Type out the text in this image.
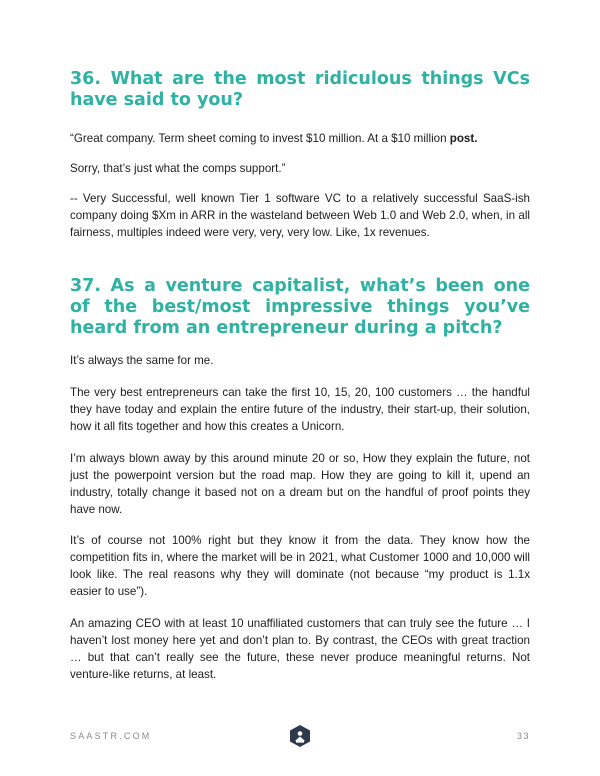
36. What are the most ridiculous things VCs have said to you?

“Great company. Term sheet coming to invest $10 million. At a $10 million post.

Sorry, that’s just what the comps support.”

-- Very Successful, well known Tier 1 software VC to a relatively successful SaaS-ish company doing $Xm in ARR in the wasteland between Web 1.0 and Web 2.0, when, in all fairness, multiples indeed were very, very, very low. Like, 1x revenues.

37. As a venture capitalist, what’s been one of the best/most impressive things you’ve heard from an entrepreneur during a pitch?

It’s always the same for me.

The very best entrepreneurs can take the first 10, 15, 20, 100 customers … the handful they have today and explain the entire future of the industry, their start-up, their solution, how it all fits together and how this creates a Unicorn.

I’m always blown away by this around minute 20 or so, How they explain the future, not just the powerpoint version but the road map. How they are going to kill it, upend an industry, totally change it based not on a dream but on the handful of proof points they have now.

It’s of course not 100% right but they know it from the data. They know how the competition fits in, where the market will be in 2021, what Customer 1000 and 10,000 will look like. The real reasons why they will dominate (not because “my product is 1.1x easier to use”).

An amazing CEO with at least 10 unaffiliated customers that can truly see the future … I haven’t lost money here yet and don’t plan to. By contrast, the CEOs with great traction … but that can’t really see the future, these never produce meaningful returns. Not venture-like returns, at least.

SAASTR.COM	33
